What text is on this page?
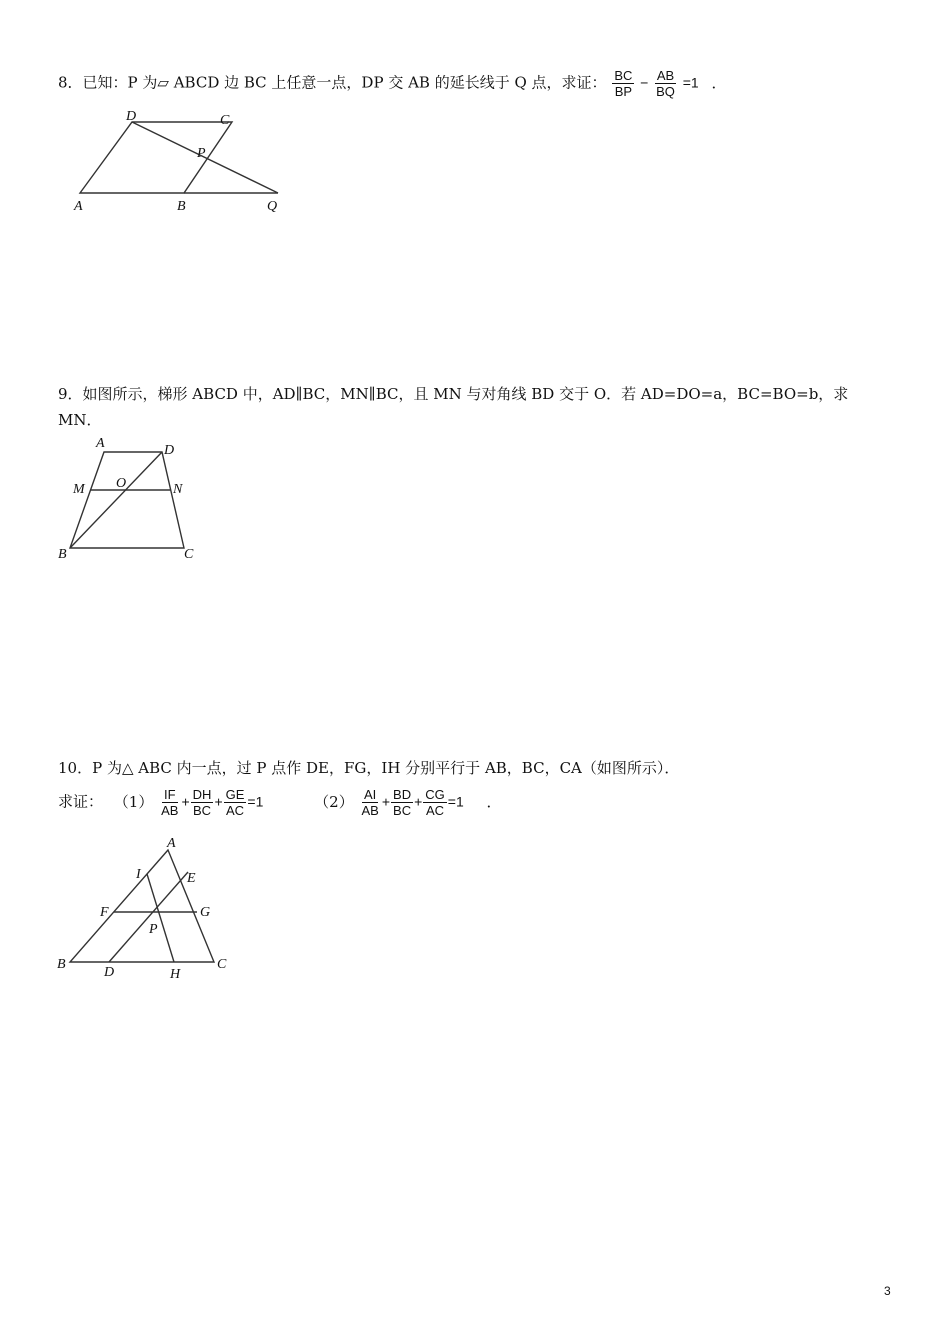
8．已知：P 为▱ ABCD 边 BC 上任意一点，DP 交 AB 的延长线于 Q 点，求证： $\frac{BC}{BP} - \frac{AB}{BQ} =1$ ．
D	C
P
A	B	Q
9．如图所示，梯形 ABCD 中，AD∥BC，MN∥BC，且 MN 与对角线 BD 交于 O．若 AD=DO=a，BC=BO=b，求
MN．
A	D
M O	N
B	C
10．P 为△ ABC 内一点，过 P 点作 DE，FG，IH 分别平行于 AB，BC，CA（如图所示）．
求证： $(1) \frac{IF}{AB} + \frac{DH}{BC} + \frac{GE}{AC} =1$	$(2) \frac{AI}{AB} + \frac{BD}{BC} + \frac{CG}{AC} =1$ ．
A
I	E
F	G
P
B
D	H
C
3
